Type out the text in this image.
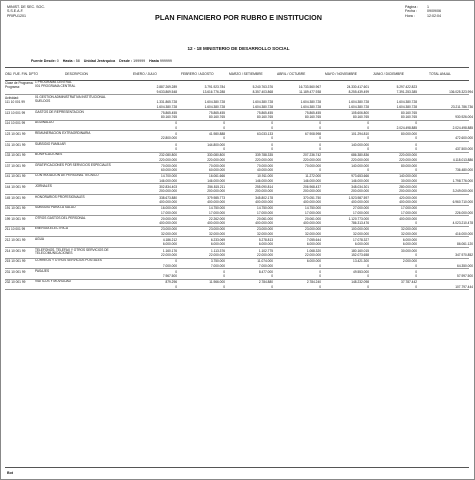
MINIST. DE SEC. SOC.
S.S.E.A.F.
PRIPU1201
Página :	1
Fecha :	09/09/06
Hora :	12:02:04
PLAN FINANCIERO POR RUBRO E INSTITUCION
12 - 18 MINISTERIO DE DESARROLLO SOCIAL
Fuente Desde: 0 Hasta : 58 Unidad Jerárquica Desde : 199999 Hasta 999999
OBJ. FUE. FIN. DPTO	DESCRIPCION	ENERO / JULIO	FEBRERO / AGOSTO	MARZO / SETIEMBRE	ABRIL / OCTUBRE	MAYO / NOVIEMBRE	JUNIO / DICIEMBRE	TOTAL ANUAL
Clase de Programa: 1 PROGRAMA CENTRAL
Programa:	001 PROGRAMA CENTRAL	2.887.269.289	3.791.923.784	5.240.763.376	16.733.560.967	24.330.417.601	5.297.422.823
9.633.869.548	13.616.776.288	8.357.403.868	11.189.477.938	8.255.439.499	7.391.253.385	136.025.323.994
Actividad:	01 GESTION ADMINISTRATIVA INSTITUCIONAL
111 10 001 99	SUELDOS	1.331.865.728	1.604.380.728	1.604.380.728	1.604.380.728	1.604.380.728	1.604.380.728
1.604.380.728	1.604.380.728	1.604.380.728	1.604.380.728	1.604.380.728	1.604.380.728	23.211.786.736
113 10 001 99	GASTOS DE REPRESENTACION	75.865.455	75.865.455	75.865.455	75.865.455	105.606.800	80.160.765
80.160.765	80.160.765	80.160.765	80.160.765	80.160.765	80.160.765	930.926.004
114 10 001 99	AGUINALDO	0	0	0	0	0	0
0	0	0	0	0	2.024.498.885	2.024.498.885
123 10 001 99	REMUNERACION EXTRAORDINARIA	0	41.980.888	63.033.133	67.908.998	101.294.810	80.000.000
22.800.000	0	0	0	0	0	472.600.000
131 10 001 99	SUBSIDIO FAMILIAR	0	144.800.000	0	0	140.000.000	0
0	0	0	0	0	0	437.500.000
133 10 001 99	BONIFICACIONES	232.080.800	330.080.800	339.788.335	207.236.742	686.380.836	220.000.000
220.000.000	220.000.000	220.000.000	220.000.000	220.000.000	220.000.000	4.118.013.886
137 10 001 99	GRATIFICACIONES POR SERVICIOS ESPECIALES	70.000.000	70.000.000	70.000.000	70.000.000	140.000.000	80.000.000
60.000.000	60.000.000	40.000.000	0	0	0	736.480.000
141 10 001 99	CONTRATACION DE PERSONAL TECNICO	14.700.000	16.061.666	10.911.000	11.272.000	973.653.666	140.000.000
146.000.000	146.000.000	146.000.000	146.000.000	146.000.000	30.000.000	1.798.776.000
144 10 001 99	JORNALES	302.834.403	256.815.211	255.090.814	206.968.437	348.034.301	280.000.000
200.000.000	200.000.000	200.000.000	200.000.000	200.000.000	200.000.000	3.249.000.000
145 10 001 99	HONORARIOS PROFESIONALES	338.673.880	379.985.773	345.802.178	370.051.750	1.523.987.597	420.000.000
400.000.000	400.000.000	400.000.000	400.000.000	400.000.000	400.000.000	6.960.710.000
191 10 001 99	SUBSIDIO PARA LA SALUD	16.000.000	14.750.000	14.750.000	14.750.000	27.000.000	17.000.000
17.000.000	17.000.000	17.000.000	17.000.000	17.000.000	17.000.000	226.000.000
199 10 001 99	OTROS GASTOS DEL PERSONAL	20.000.000	22.262.000	20.061.000	20.061.000	1.120.773.000	400.000.000
400.000.000	400.000.000	400.000.000	400.000.000	786.313.476	0	4.023.210.478
211 10 001 99	ENERGIA ELECTRICA	23.000.000	23.000.000	23.000.000	23.000.000	100.000.000	32.000.000
32.000.000	32.000.000	32.000.000	32.000.000	32.000.000	32.000.000	416.000.000
212 10 001 99	AGUA	4.186.212	6.233.069	5.278.813	7.055.644	17.078.327	6.000.000
6.000.000	6.000.000	6.000.000	6.000.000	6.000.000	6.000.000	86.061.120
214 10 001 99	TELEFONOS, TELEFAX Y OTROS SERVICIOS DE TELECOMUNICACIONES
1.160.176	1.113.376	1.102.775	1.068.320	180.160.015	30.000.000
22.000.000	22.000.000	22.000.000	22.000.000	152.073.658	0	347.970.852
215 10 001 99	CORREOS Y OTROS SERVICIOS POSTALES	0	3.750.000	11.074.000	6.000.000	13.421.300	2.000.000
7.000.000	7.000.000	7.000.000	0	0	0	64.350.000
231 10 001 99	PASAJES	0	0	8.477.000	0	49.553.000	0
7.967.500	0	0	0	0	0	57.997.500
232 10 001 99	VIATICOS Y MOVILIDAD	879.296	11.966.000	2.784.880	2.784.240	148.232.098	37.787.442
0	0	0	0	0	0	107.797.444
Bot
